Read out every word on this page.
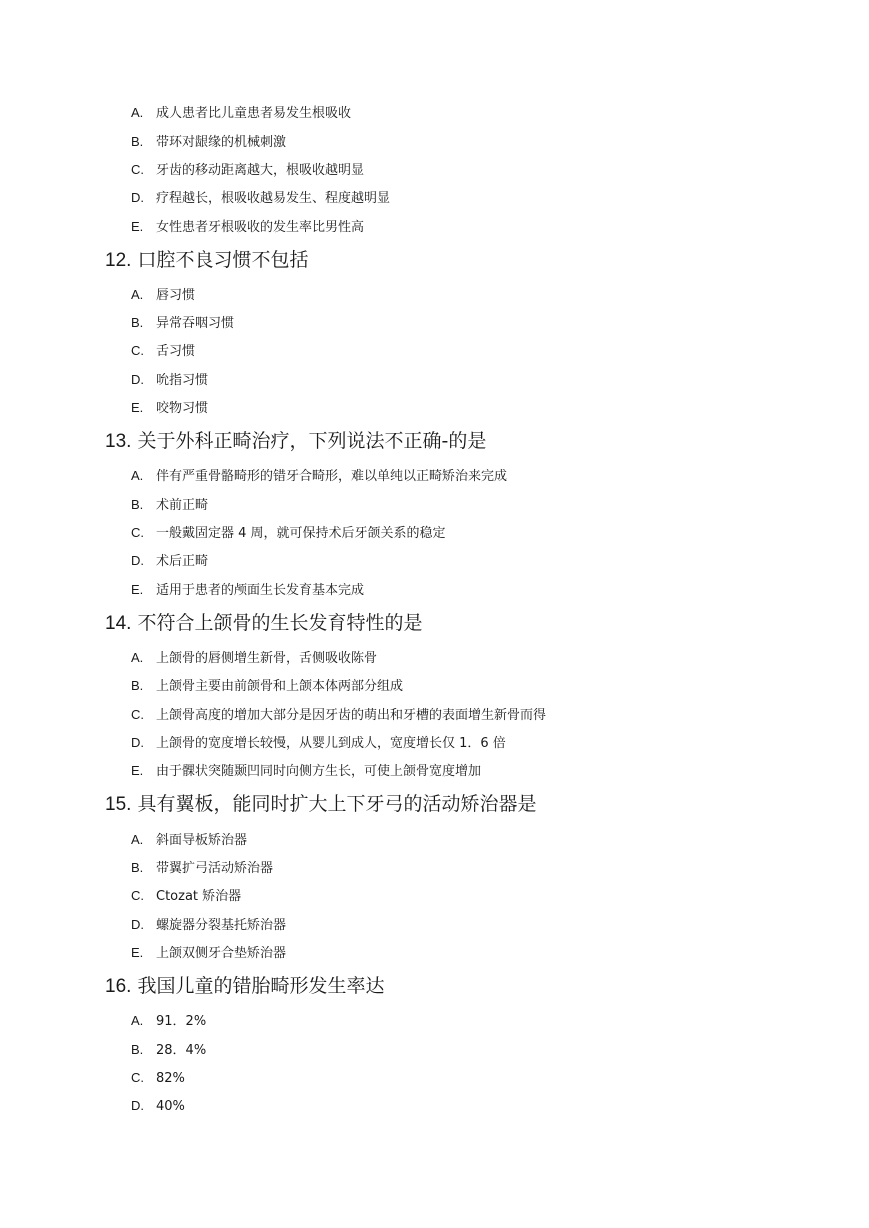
A. 成人患者比儿童患者易发生根吸收
B. 带环对龈缘的机械刺激
C. 牙齿的移动距离越大，根吸收越明显
D. 疗程越长，根吸收越易发生、程度越明显
E. 女性患者牙根吸收的发生率比男性高
12. 口腔不良习惯不包括
A. 唇习惯
B. 异常吞咽习惯
C. 舌习惯
D. 吮指习惯
E. 咬物习惯
13. 关于外科正畸治疗，下列说法不正确-的是
A. 伴有严重骨骼畸形的错牙合畸形，难以单纯以正畸矫治来完成
B. 术前正畸
C. 一般戴固定器 4 周，就可保持术后牙颌关系的稳定
D. 术后正畸
E. 适用于患者的颅面生长发育基本完成
14. 不符合上颌骨的生长发育特性的是
A. 上颌骨的唇侧增生新骨，舌侧吸收陈骨
B. 上颌骨主要由前颌骨和上颌本体两部分组成
C. 上颌骨高度的增加大部分是因牙齿的萌出和牙槽的表面增生新骨而得
D. 上颌骨的宽度增长较慢，从婴儿到成人，宽度增长仅 1．6 倍
E. 由于髁状突随颞凹同时向侧方生长，可使上颌骨宽度增加
15. 具有翼板，能同时扩大上下牙弓的活动矫治器是
A. 斜面导板矫治器
B. 带翼扩弓活动矫治器
C. Ctozat 矫治器
D. 螺旋器分裂基托矫治器
E. 上颌双侧牙合垫矫治器
16. 我国儿童的错胎畸形发生率达
A. 91．2%
B. 28．4%
C. 82%
D. 40%
